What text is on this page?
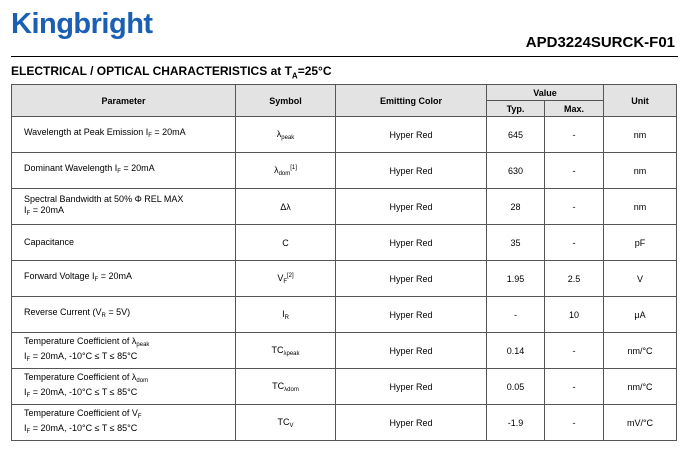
Kingbright
APD3224SURCK-F01
ELECTRICAL / OPTICAL CHARACTERISTICS at $T_A=25^\circ C$
Parameter	Symbol	Emitting Color	Value		Unit
			Typ.	Max.	

Wavelength at Peak Emission $I_F = 20mA$	$\lambda_{peak}$	Hyper Red	645	-	nm

Dominant Wavelength $I_F = 20mA$	$\lambda_{dom}[1]$	Hyper Red	630	-	nm

Spectral Bandwidth at 50% Φ REL MAX
$I_F = 20mA$	Δλ	Hyper Red	28	-	nm

Capacitance	C	Hyper Red	35	-	pF

Forward Voltage $I_F = 20mA$	$V_F[2]$	Hyper Red	1.95	2.5	V

Reverse Current $(V_R = 5V)$	$I_R$	Hyper Red	-	10	μA

Temperature Coefficient of $\lambda_{peak}$
$I_F = 20mA$, -10°C ≤ T ≤ 85°C	$TC_{\lambda peak}$	Hyper Red	0.14	-	nm/°C

Temperature Coefficient of $\lambda_{dom}$
$I_F = 20mA$, -10°C ≤ T ≤ 85°C	$TC_{\lambda dom}$	Hyper Red	0.05	-	nm/°C

Temperature Coefficient of $V_F$
$I_F = 20mA$, -10°C ≤ T ≤ 85°C	$TC_V$	Hyper Red	-1.9	-	mV/°C
